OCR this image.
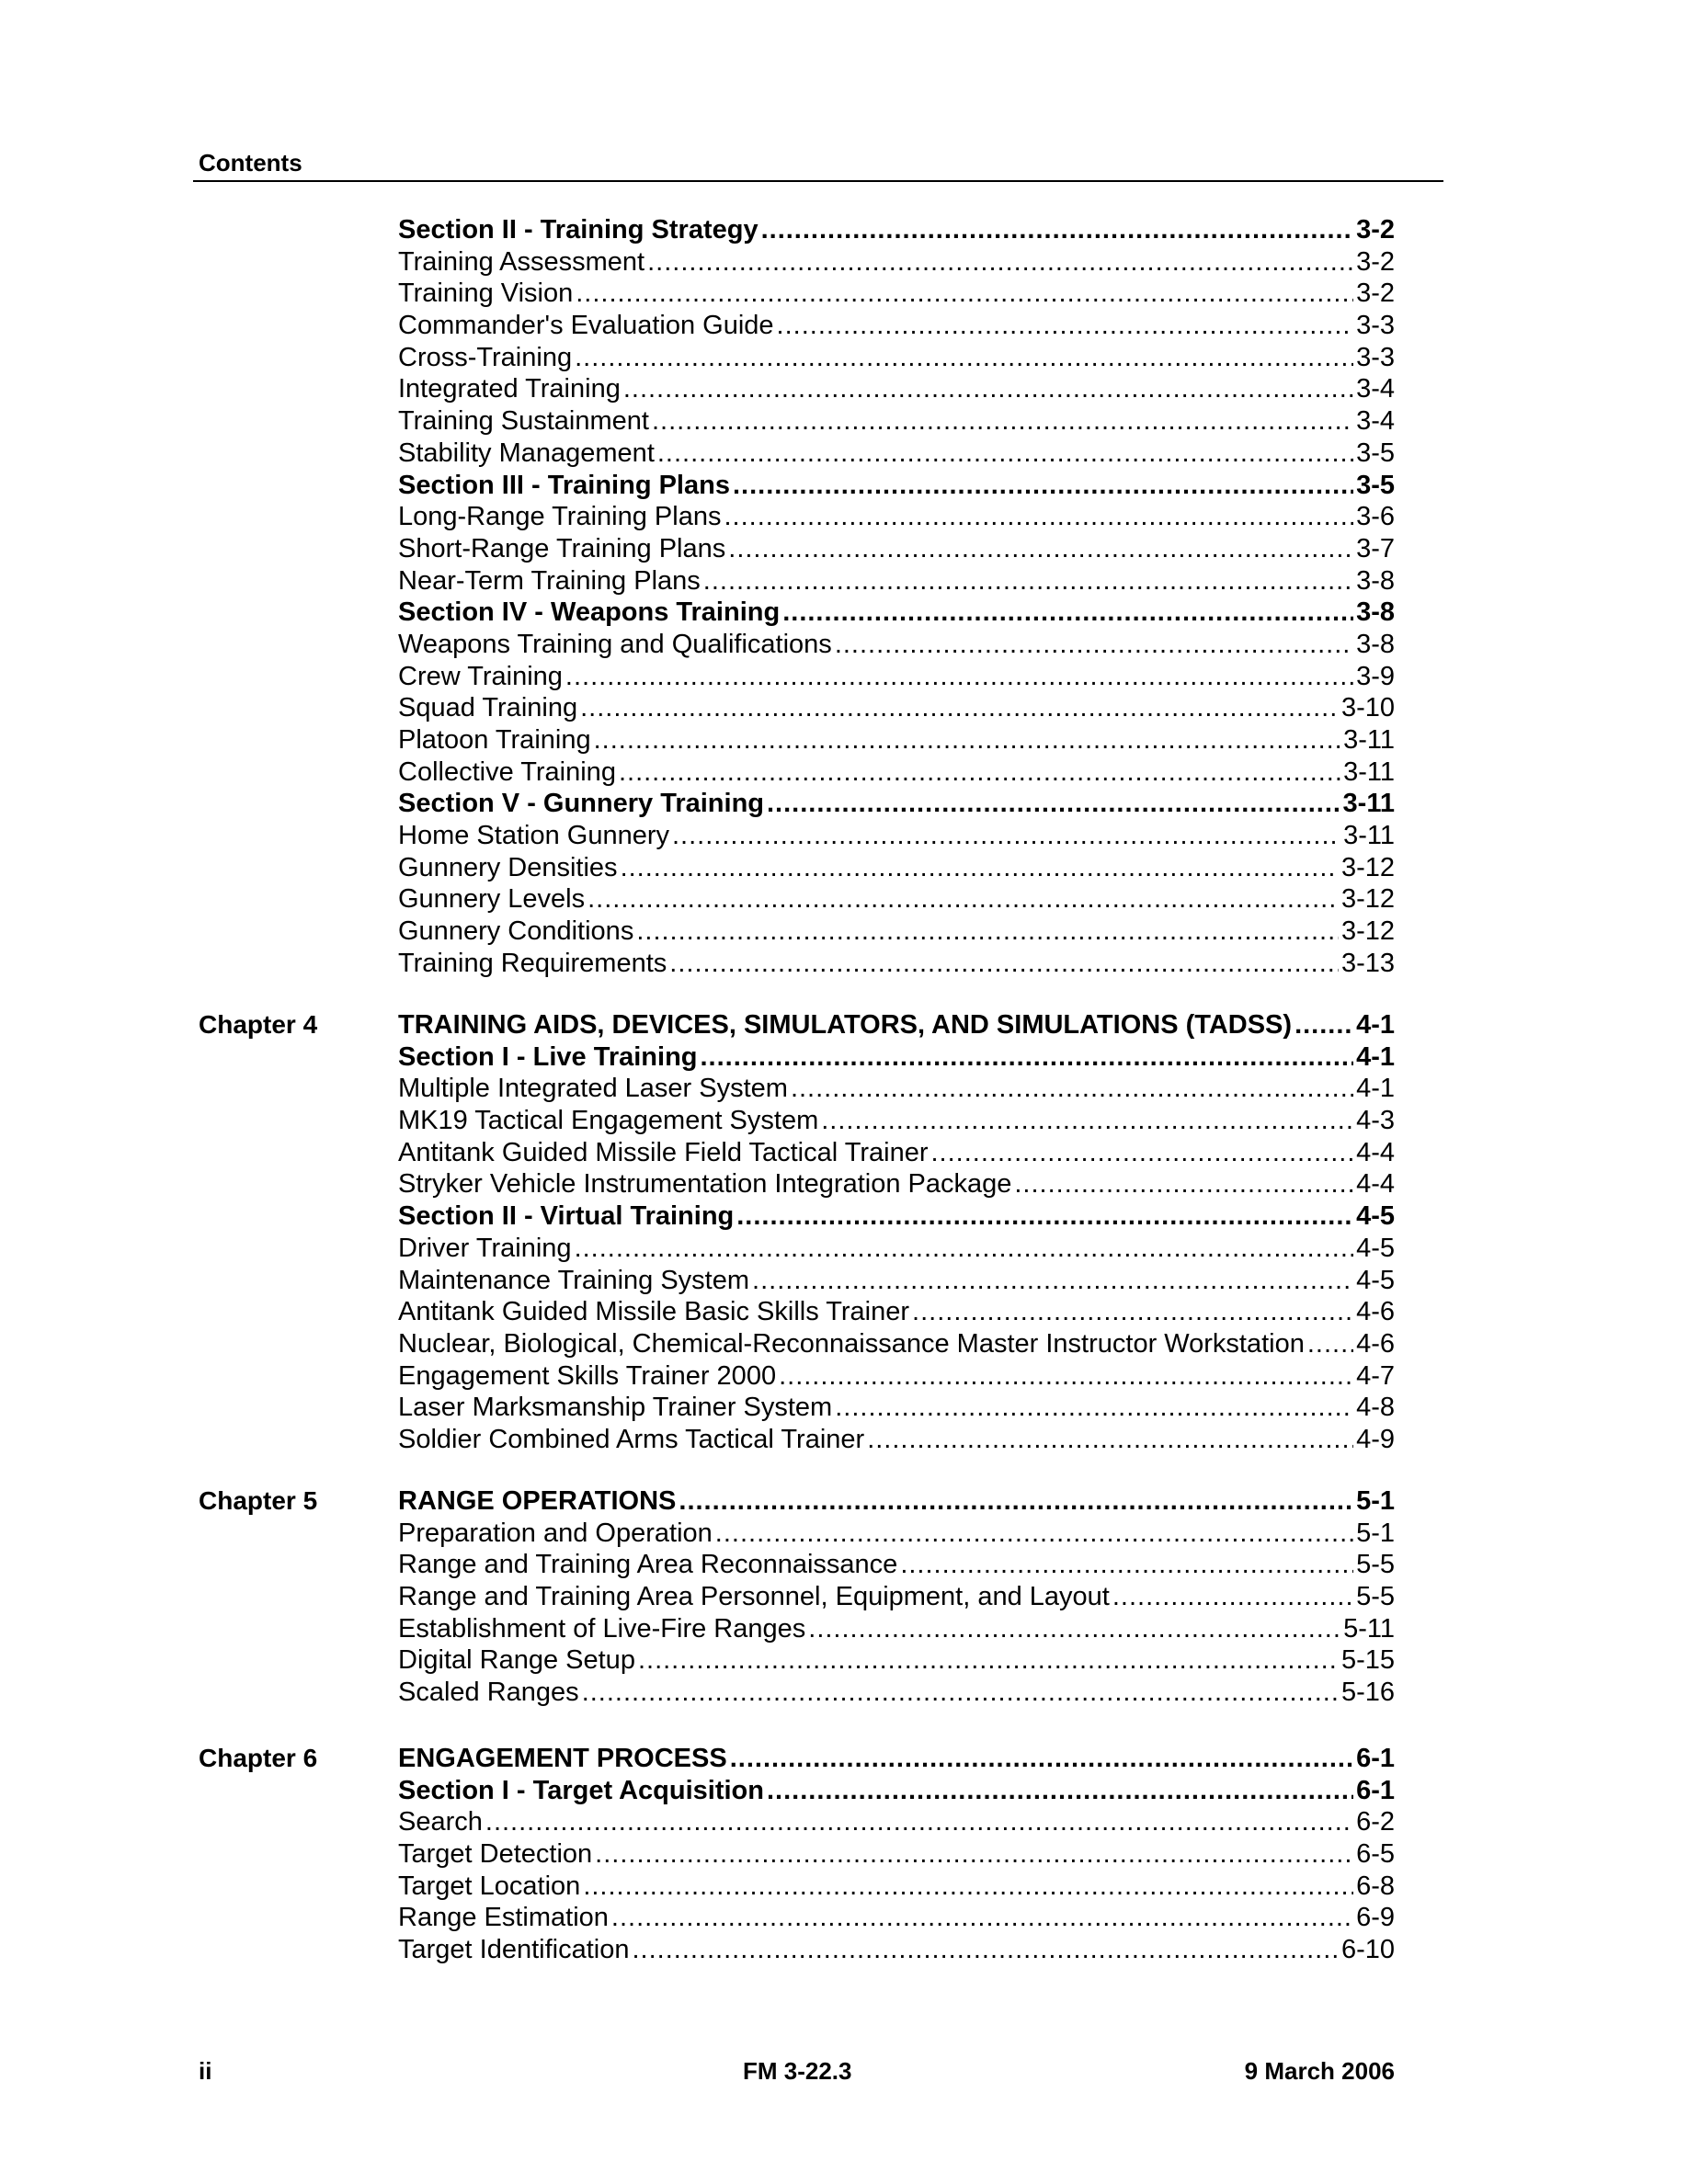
Contents
Section II - Training Strategy .....	3-2
Training Assessment .....	3-2
Training Vision .....	3-2
Commander's Evaluation Guide .....	3-3
Cross-Training .....	3-3
Integrated Training .....	3-4
Training Sustainment .....	3-4
Stability Management .....	3-5
Section III - Training Plans .....	3-5
Long-Range Training Plans .....	3-6
Short-Range Training Plans .....	3-7
Near-Term Training Plans .....	3-8
Section IV - Weapons Training .....	3-8
Weapons Training and Qualifications .....	3-8
Crew Training .....	3-9
Squad Training .....	3-10
Platoon Training .....	3-11
Collective Training .....	3-11
Section V - Gunnery Training .....	3-11
Home Station Gunnery .....	3-11
Gunnery Densities .....	3-12
Gunnery Levels .....	3-12
Gunnery Conditions .....	3-12
Training Requirements .....	3-13
Chapter 4	TRAINING AIDS, DEVICES, SIMULATORS, AND SIMULATIONS (TADSS) ..... 4-1
Section I - Live Training .....	4-1
Multiple Integrated Laser System .....	4-1
MK19 Tactical Engagement System .....	4-3
Antitank Guided Missile Field Tactical Trainer .....	4-4
Stryker Vehicle Instrumentation Integration Package .....	4-4
Section II - Virtual Training .....	4-5
Driver Training .....	4-5
Maintenance Training System .....	4-5
Antitank Guided Missile Basic Skills Trainer .....	4-6
Nuclear, Biological, Chemical-Reconnaissance Master Instructor Workstation ..... 4-6
Engagement Skills Trainer 2000 .....	4-7
Laser Marksmanship Trainer System .....	4-8
Soldier Combined Arms Tactical Trainer .....	4-9
Chapter 5	RANGE OPERATIONS .....	5-1
Preparation and Operation .....	5-1
Range and Training Area Reconnaissance .....	5-5
Range and Training Area Personnel, Equipment, and Layout .....	5-5
Establishment of Live-Fire Ranges .....	5-11
Digital Range Setup .....	5-15
Scaled Ranges .....	5-16
Chapter 6	ENGAGEMENT PROCESS .....	6-1
Section I - Target Acquisition .....	6-1
Search .....	6-2
Target Detection .....	6-5
Target Location .....	6-8
Range Estimation .....	6-9
Target Identification .....	6-10
ii	FM 3-22.3	9 March 2006
